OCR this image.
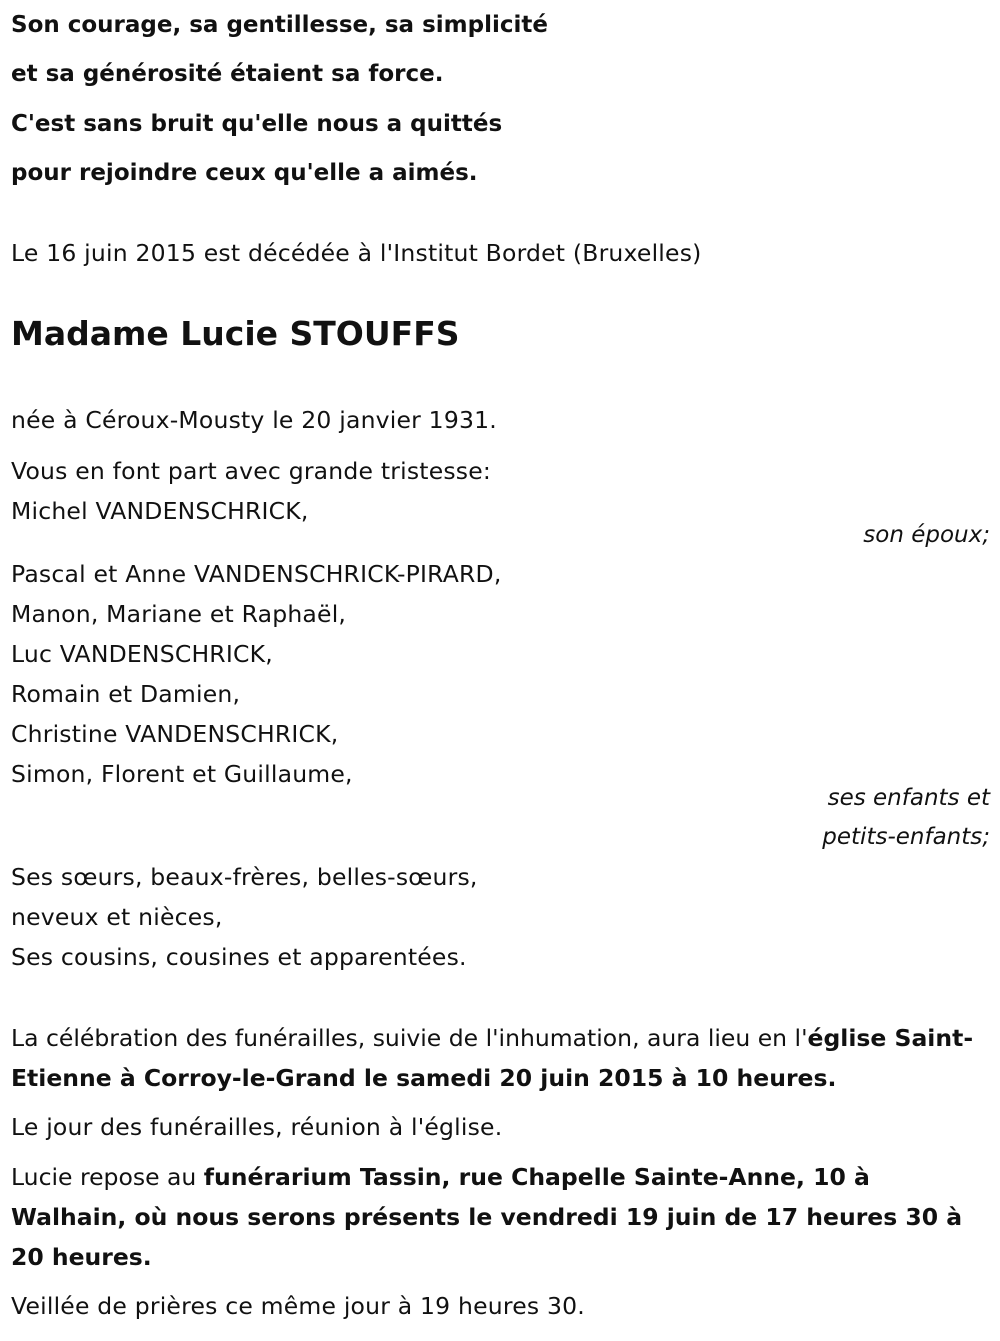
Son courage, sa gentillesse, sa simplicité
et sa générosité étaient sa force.
C'est sans bruit qu'elle nous a quittés
pour rejoindre ceux qu'elle a aimés.
Le 16 juin 2015 est décédée à l'Institut Bordet (Bruxelles)
Madame Lucie STOUFFS
née à Céroux-Mousty le 20 janvier 1931.
Vous en font part avec grande tristesse:
Michel VANDENSCHRICK,
son époux;
Pascal et Anne VANDENSCHRICK-PIRARD,
Manon, Mariane et Raphaël,
Luc VANDENSCHRICK,
Romain et Damien,
Christine VANDENSCHRICK,
Simon, Florent et Guillaume,
ses enfants et
petits-enfants;
Ses sœurs, beaux-frères, belles-sœurs,
neveux et nièces,
Ses cousins, cousines et apparentées.
La célébration des funérailles, suivie de l'inhumation, aura lieu en l'église Saint-Etienne à Corroy-le-Grand le samedi 20 juin 2015 à 10 heures.
Le jour des funérailles, réunion à l'église.
Lucie repose au funérarium Tassin, rue Chapelle Sainte-Anne, 10 à Walhain, où nous serons présents le vendredi 19 juin de 17 heures 30 à 20 heures.
Veillée de prières ce même jour à 19 heures 30.
